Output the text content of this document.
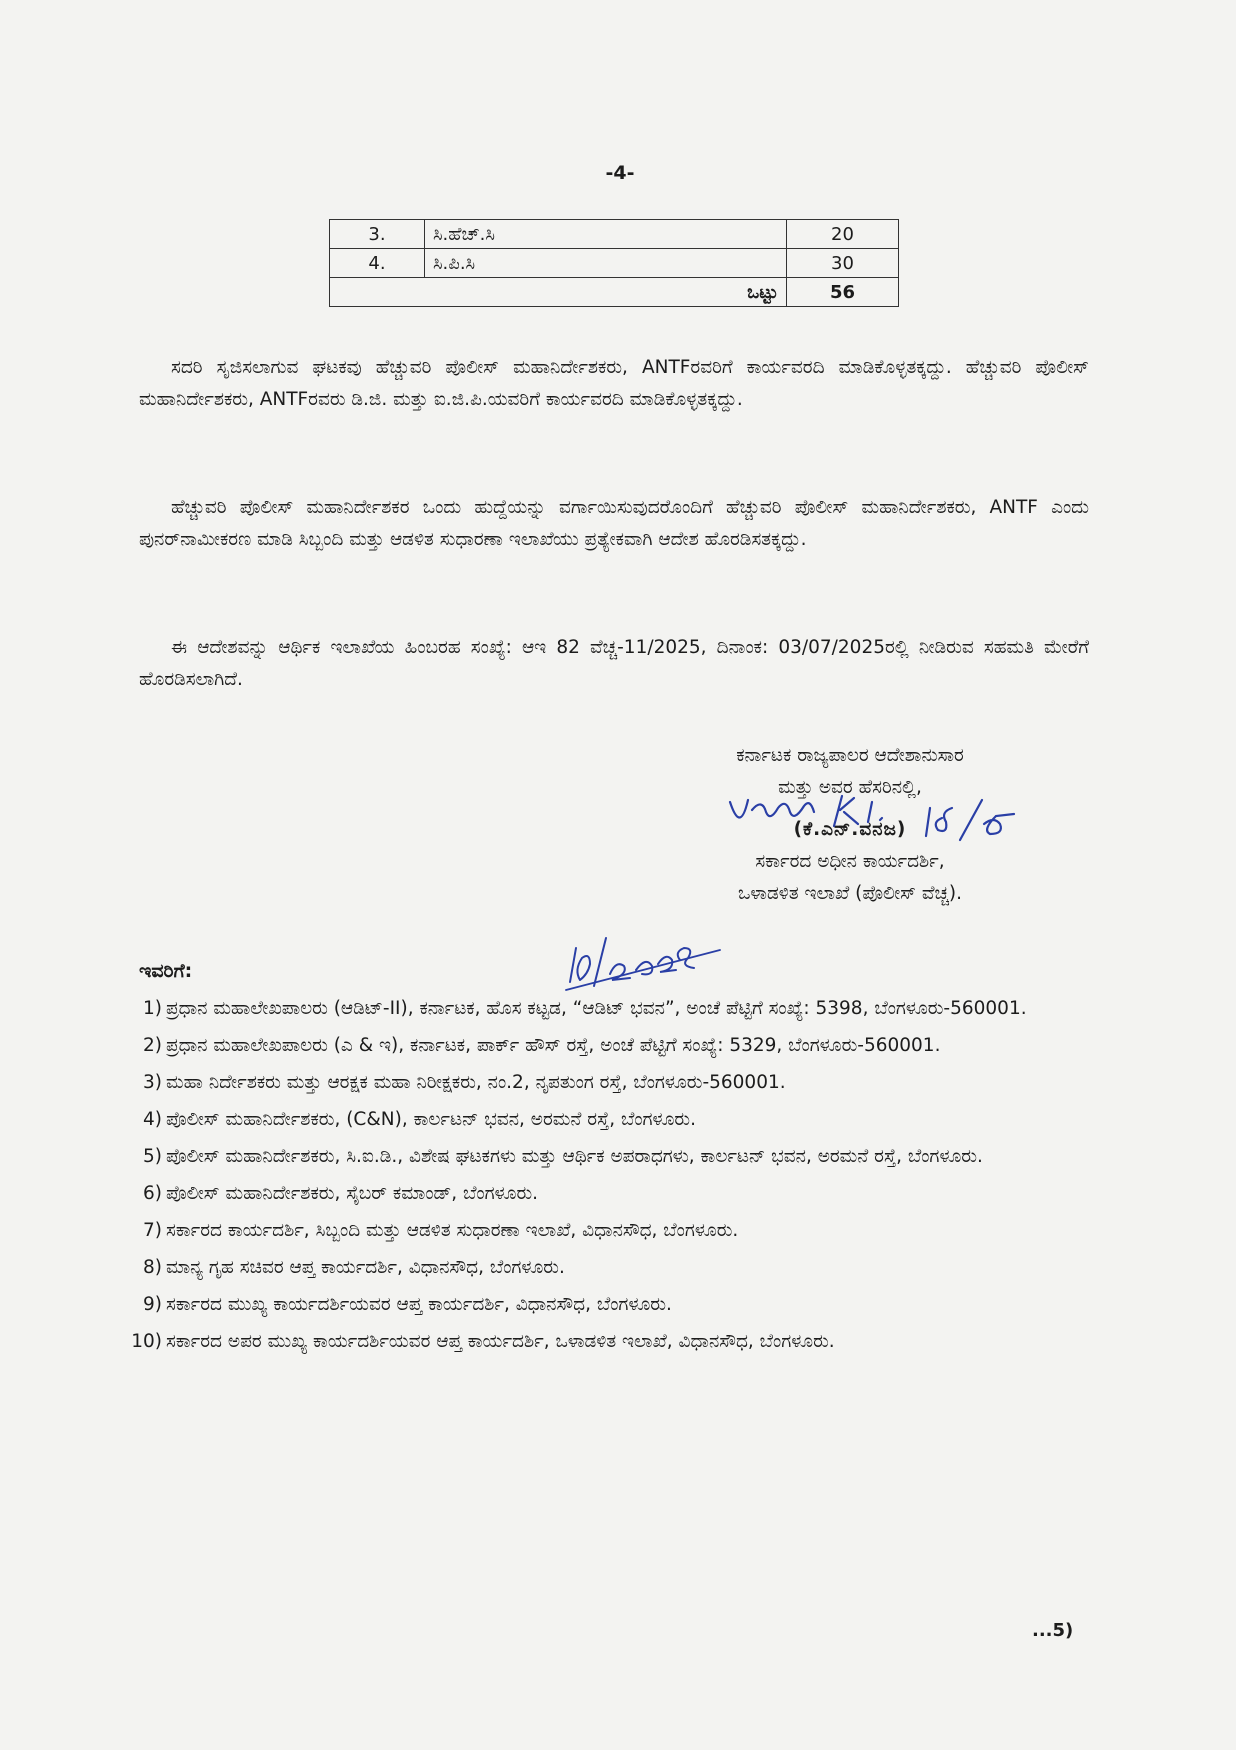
-4-
3.	ಸಿ.ಹೆಚ್.ಸಿ	20
4.	ಸಿ.ಪಿ.ಸಿ	30
ಒಟ್ಟು		56
ಸದರಿ ಸೃಜಿಸಲಾಗುವ ಘಟಕವು ಹೆಚ್ಚುವರಿ ಪೊಲೀಸ್ ಮಹಾನಿರ್ದೇಶಕರು, ANTFರವರಿಗೆ ಕಾರ್ಯವರದಿ ಮಾಡಿಕೊಳ್ಳತಕ್ಕದ್ದು. ಹೆಚ್ಚುವರಿ ಪೊಲೀಸ್ ಮಹಾನಿರ್ದೇಶಕರು, ANTFರವರು ಡಿ.ಜಿ. ಮತ್ತು ಐ.ಜಿ.ಪಿ.ಯವರಿಗೆ ಕಾರ್ಯವರದಿ ಮಾಡಿಕೊಳ್ಳತಕ್ಕದ್ದು.
ಹೆಚ್ಚುವರಿ ಪೊಲೀಸ್ ಮಹಾನಿರ್ದೇಶಕರ ಒಂದು ಹುದ್ದೆಯನ್ನು ವರ್ಗಾಯಿಸುವುದರೊಂದಿಗೆ ಹೆಚ್ಚುವರಿ ಪೊಲೀಸ್ ಮಹಾನಿರ್ದೇಶಕರು, ANTF ಎಂದು ಪುನರ್‌ನಾಮೀಕರಣ ಮಾಡಿ ಸಿಬ್ಬಂದಿ ಮತ್ತು ಆಡಳಿತ ಸುಧಾರಣಾ ಇಲಾಖೆಯು ಪ್ರತ್ಯೇಕವಾಗಿ ಆದೇಶ ಹೊರಡಿಸತಕ್ಕದ್ದು.
ಈ ಆದೇಶವನ್ನು ಆರ್ಥಿಕ ಇಲಾಖೆಯ ಹಿಂಬರಹ ಸಂಖ್ಯೆ: ಆಇ 82 ವೆಚ್ಚ-11/2025, ದಿನಾಂಕ: 03/07/2025ರಲ್ಲಿ ನೀಡಿರುವ ಸಹಮತಿ ಮೇರೆಗೆ ಹೊರಡಿಸಲಾಗಿದೆ.
ಕರ್ನಾಟಕ ರಾಜ್ಯಪಾಲರ ಆದೇಶಾನುಸಾರ
ಮತ್ತು ಅವರ ಹೆಸರಿನಲ್ಲಿ,
(ಕೆ.ಎನ್.ವನಜ)
ಸರ್ಕಾರದ ಅಧೀನ ಕಾರ್ಯದರ್ಶಿ,
ಒಳಾಡಳಿತ ಇಲಾಖೆ (ಪೊಲೀಸ್ ವೆಚ್ಚ).
ಇವರಿಗೆ:
1) ಪ್ರಧಾನ ಮಹಾಲೇಖಪಾಲರು (ಆಡಿಟ್-II), ಕರ್ನಾಟಕ, ಹೊಸ ಕಟ್ಟಡ, “ಆಡಿಟ್ ಭವನ”, ಅಂಚೆ ಪೆಟ್ಟಿಗೆ ಸಂಖ್ಯೆ: 5398, ಬೆಂಗಳೂರು-560001.
2) ಪ್ರಧಾನ ಮಹಾಲೇಖಪಾಲರು (ಎ & ಇ), ಕರ್ನಾಟಕ, ಪಾರ್ಕ್ ಹೌಸ್ ರಸ್ತೆ, ಅಂಚೆ ಪೆಟ್ಟಿಗೆ ಸಂಖ್ಯೆ: 5329, ಬೆಂಗಳೂರು-560001.
3) ಮಹಾ ನಿರ್ದೇಶಕರು ಮತ್ತು ಆರಕ್ಷಕ ಮಹಾ ನಿರೀಕ್ಷಕರು, ನಂ.2, ನೃಪತುಂಗ ರಸ್ತೆ, ಬೆಂಗಳೂರು-560001.
4) ಪೊಲೀಸ್ ಮಹಾನಿರ್ದೇಶಕರು, (C&N), ಕಾರ್ಲಟನ್ ಭವನ, ಅರಮನೆ ರಸ್ತೆ, ಬೆಂಗಳೂರು.
5) ಪೊಲೀಸ್ ಮಹಾನಿರ್ದೇಶಕರು, ಸಿ.ಐ.ಡಿ., ವಿಶೇಷ ಘಟಕಗಳು ಮತ್ತು ಆರ್ಥಿಕ ಅಪರಾಧಗಳು, ಕಾರ್ಲಟನ್ ಭವನ, ಅರಮನೆ ರಸ್ತೆ, ಬೆಂಗಳೂರು.
6) ಪೊಲೀಸ್ ಮಹಾನಿರ್ದೇಶಕರು, ಸೈಬರ್ ಕಮಾಂಡ್, ಬೆಂಗಳೂರು.
7) ಸರ್ಕಾರದ ಕಾರ್ಯದರ್ಶಿ, ಸಿಬ್ಬಂದಿ ಮತ್ತು ಆಡಳಿತ ಸುಧಾರಣಾ ಇಲಾಖೆ, ವಿಧಾನಸೌಧ, ಬೆಂಗಳೂರು.
8) ಮಾನ್ಯ ಗೃಹ ಸಚಿವರ ಆಪ್ತ ಕಾರ್ಯದರ್ಶಿ, ವಿಧಾನಸೌಧ, ಬೆಂಗಳೂರು.
9) ಸರ್ಕಾರದ ಮುಖ್ಯ ಕಾರ್ಯದರ್ಶಿಯವರ ಆಪ್ತ ಕಾರ್ಯದರ್ಶಿ, ವಿಧಾನಸೌಧ, ಬೆಂಗಳೂರು.
10) ಸರ್ಕಾರದ ಅಪರ ಮುಖ್ಯ ಕಾರ್ಯದರ್ಶಿಯವರ ಆಪ್ತ ಕಾರ್ಯದರ್ಶಿ, ಒಳಾಡಳಿತ ಇಲಾಖೆ, ವಿಧಾನಸೌಧ, ಬೆಂಗಳೂರು.
...5)
